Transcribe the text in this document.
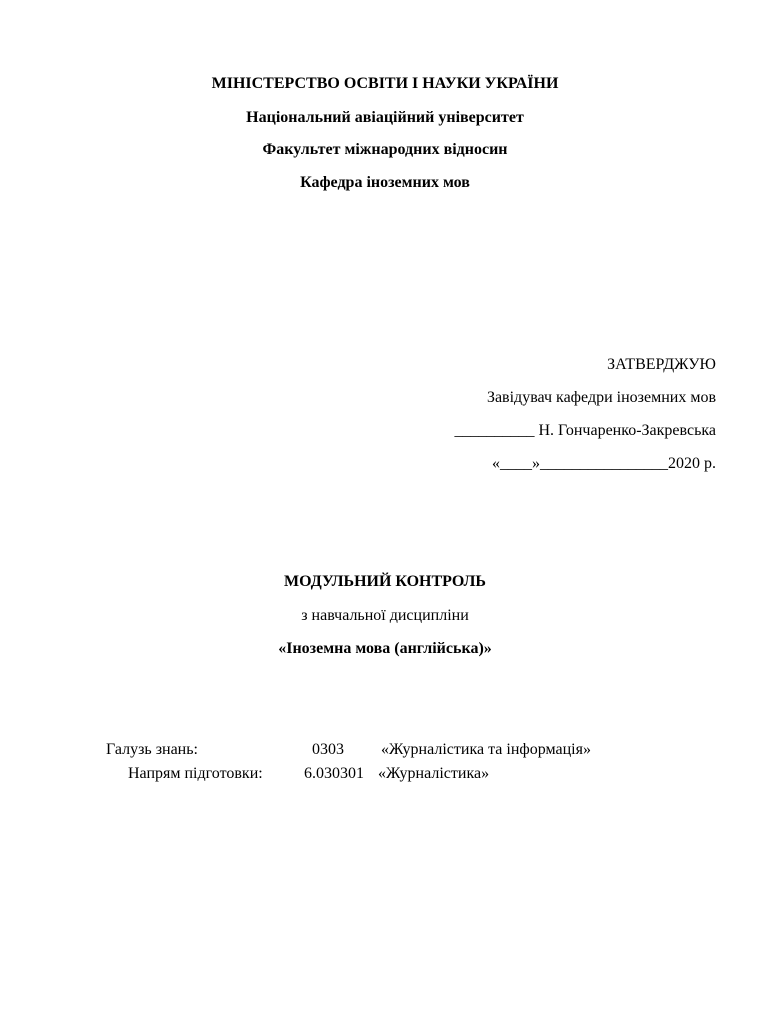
МІНІСТЕРСТВО ОСВІТИ І НАУКИ УКРАЇНИ
Національний авіаційний університет
Факультет міжнародних відносин
Кафедра іноземних мов
ЗАТВЕРДЖУЮ
Завідувач кафедри іноземних мов
__________ Н. Гончаренко-Закревська
«____»________________2020 р.
МОДУЛЬНИЙ КОНТРОЛЬ
з навчальної дисципліни
«Іноземна мова (англійська)»
Галузь знань:	0303 «Журналістика та інформація»
Напрям підготовки:	6.030301 «Журналістика»
